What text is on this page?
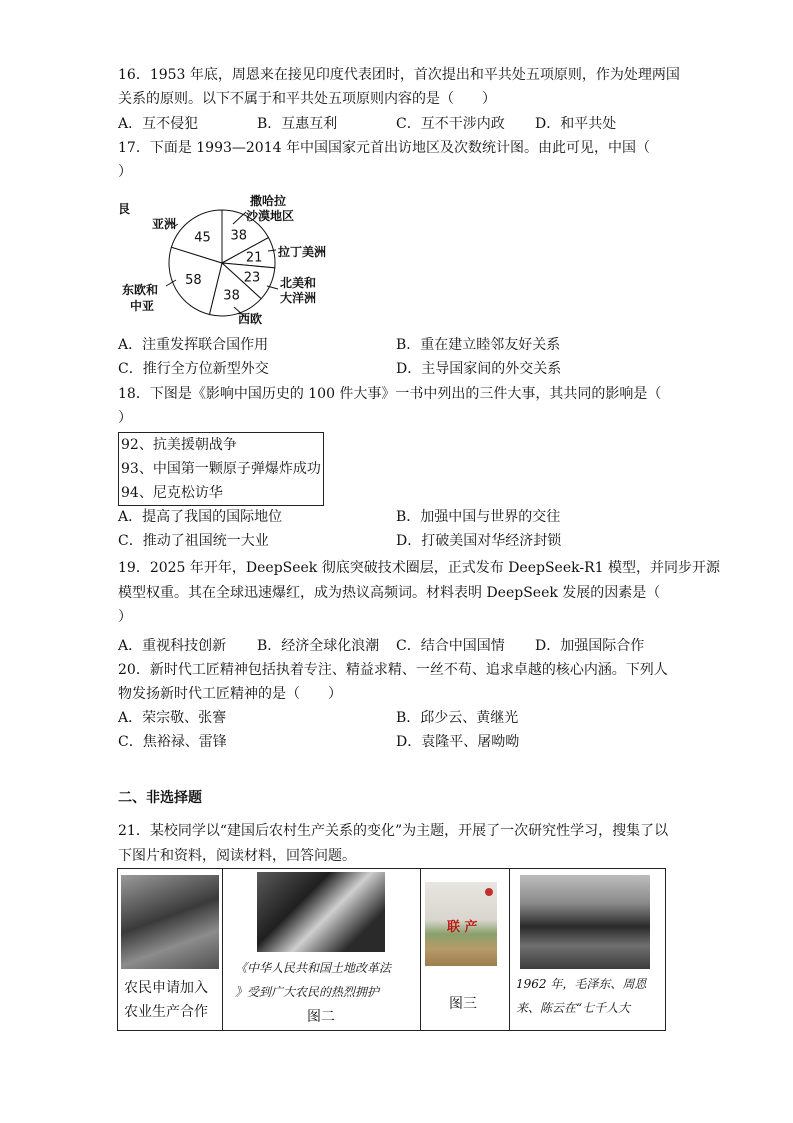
16．1953 年底，周恩来在接见印度代表团时，首次提出和平共处五项原则，作为处理两国
关系的原则。以下不属于和平共处五项原则内容的是（　　）
A．互不侵犯	B．互惠互利	C．互不干涉内政 D．和平共处
17．下面是 1993—2014 年中国国家元首出访地区及次数统计图。由此可见，中国（
）
38
21
23
38
58
45
艮
撒哈拉
沙漠地区
拉丁美洲
北美和
大洋洲
西欧
东欧和
中亚
亚洲
A．注重发挥联合国作用	B．重在建立睦邻友好关系
C．推行全方位新型外交	D．主导国家间的外交关系
18．下图是《影响中国历史的 100 件大事》一书中列出的三件大事，其共同的影响是（
）
92、抗美援朝战争
93、中国第一颗原子弹爆炸成功
94、尼克松访华
A．提高了我国的国际地位	B．加强中国与世界的交往
C．推动了祖国统一大业	D．打破美国对华经济封锁
19．2025 年开年，DeepSeek 彻底突破技术圈层，正式发布 DeepSeek-R1 模型，并同步开源
模型权重。其在全球迅速爆红，成为热议高频词。材料表明 DeepSeek 发展的因素是（
）
A．重视科技创新 B．经济全球化浪潮 C．结合中国国情 D．加强国际合作
20．新时代工匠精神包括执着专注、精益求精、一丝不苟、追求卓越的核心内涵。下列人
物发扬新时代工匠精神的是（　　）
A．荣宗敬、张謇	B．邱少云、黄继光
C．焦裕禄、雷锋	D．袁隆平、屠呦呦
二、非选择题
21．某校同学以“建国后农村生产关系的变化”为主题，开展了一次研究性学习，搜集了以
下图片和资料，阅读材料，回答问题。
农民申请加入
农业生产合作

《中华人民共和国土地改革法
》受到广大农民的热烈拥护
图二

联 产
图三

1962 年，毛泽东、周恩
来、陈云在“七千人大
